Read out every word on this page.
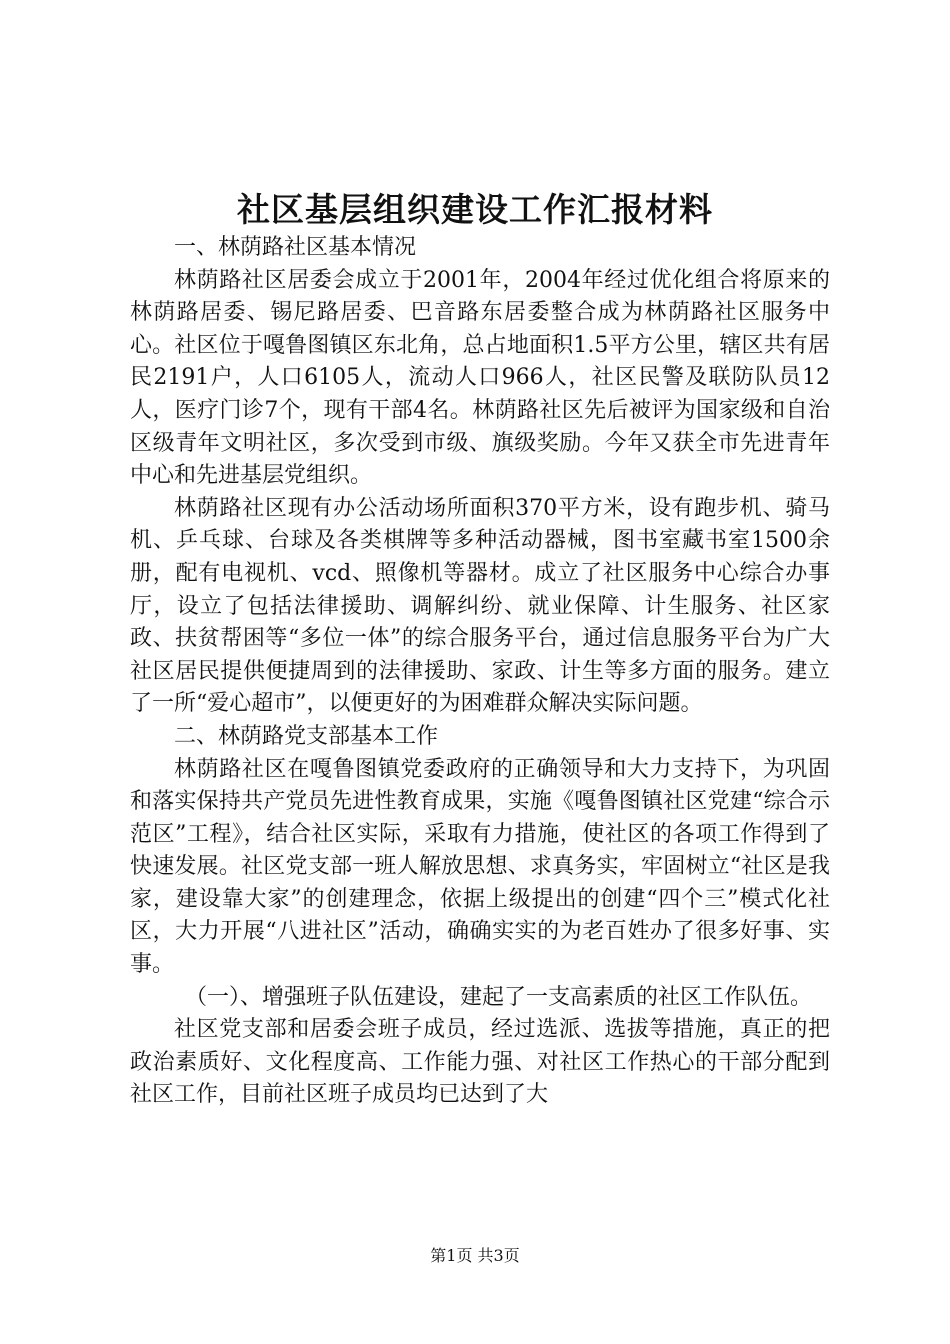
社区基层组织建设工作汇报材料

一、林荫路社区基本情况

林荫路社区居委会成立于2001年，2004年经过优化组合将原来的林荫路居委、锡尼路居委、巴音路东居委整合成为林荫路社区服务中心。社区位于嘎鲁图镇区东北角，总占地面积1.5平方公里，辖区共有居民2191户，人口6105人，流动人口966人，社区民警及联防队员12人，医疗门诊7个，现有干部4名。林荫路社区先后被评为国家级和自治区级青年文明社区，多次受到市级、旗级奖励。今年又获全市先进青年中心和先进基层党组织。

林荫路社区现有办公活动场所面积370平方米，设有跑步机、骑马机、乒乓球、台球及各类棋牌等多种活动器械，图书室藏书室1500余册，配有电视机、vcd、照像机等器材。成立了社区服务中心综合办事厅，设立了包括法律援助、调解纠纷、就业保障、计生服务、社区家政、扶贫帮困等“多位一体”的综合服务平台，通过信息服务平台为广大社区居民提供便捷周到的法律援助、家政、计生等多方面的服务。建立了一所“爱心超市”，以便更好的为困难群众解决实际问题。

二、林荫路党支部基本工作

林荫路社区在嘎鲁图镇党委政府的正确领导和大力支持下，为巩固和落实保持共产党员先进性教育成果，实施《嘎鲁图镇社区党建“综合示范区”工程》，结合社区实际，采取有力措施，使社区的各项工作得到了快速发展。社区党支部一班人解放思想、求真务实，牢固树立“社区是我家，建设靠大家”的创建理念，依据上级提出的创建“四个三”模式化社区，大力开展“八进社区”活动，确确实实的为老百姓办了很多好事、实事。

（一）、增强班子队伍建设，建起了一支高素质的社区工作队伍。

社区党支部和居委会班子成员，经过选派、选拔等措施，真正的把政治素质好、文化程度高、工作能力强、对社区工作热心的干部分配到社区工作，目前社区班子成员均已达到了大

第1页 共3页
